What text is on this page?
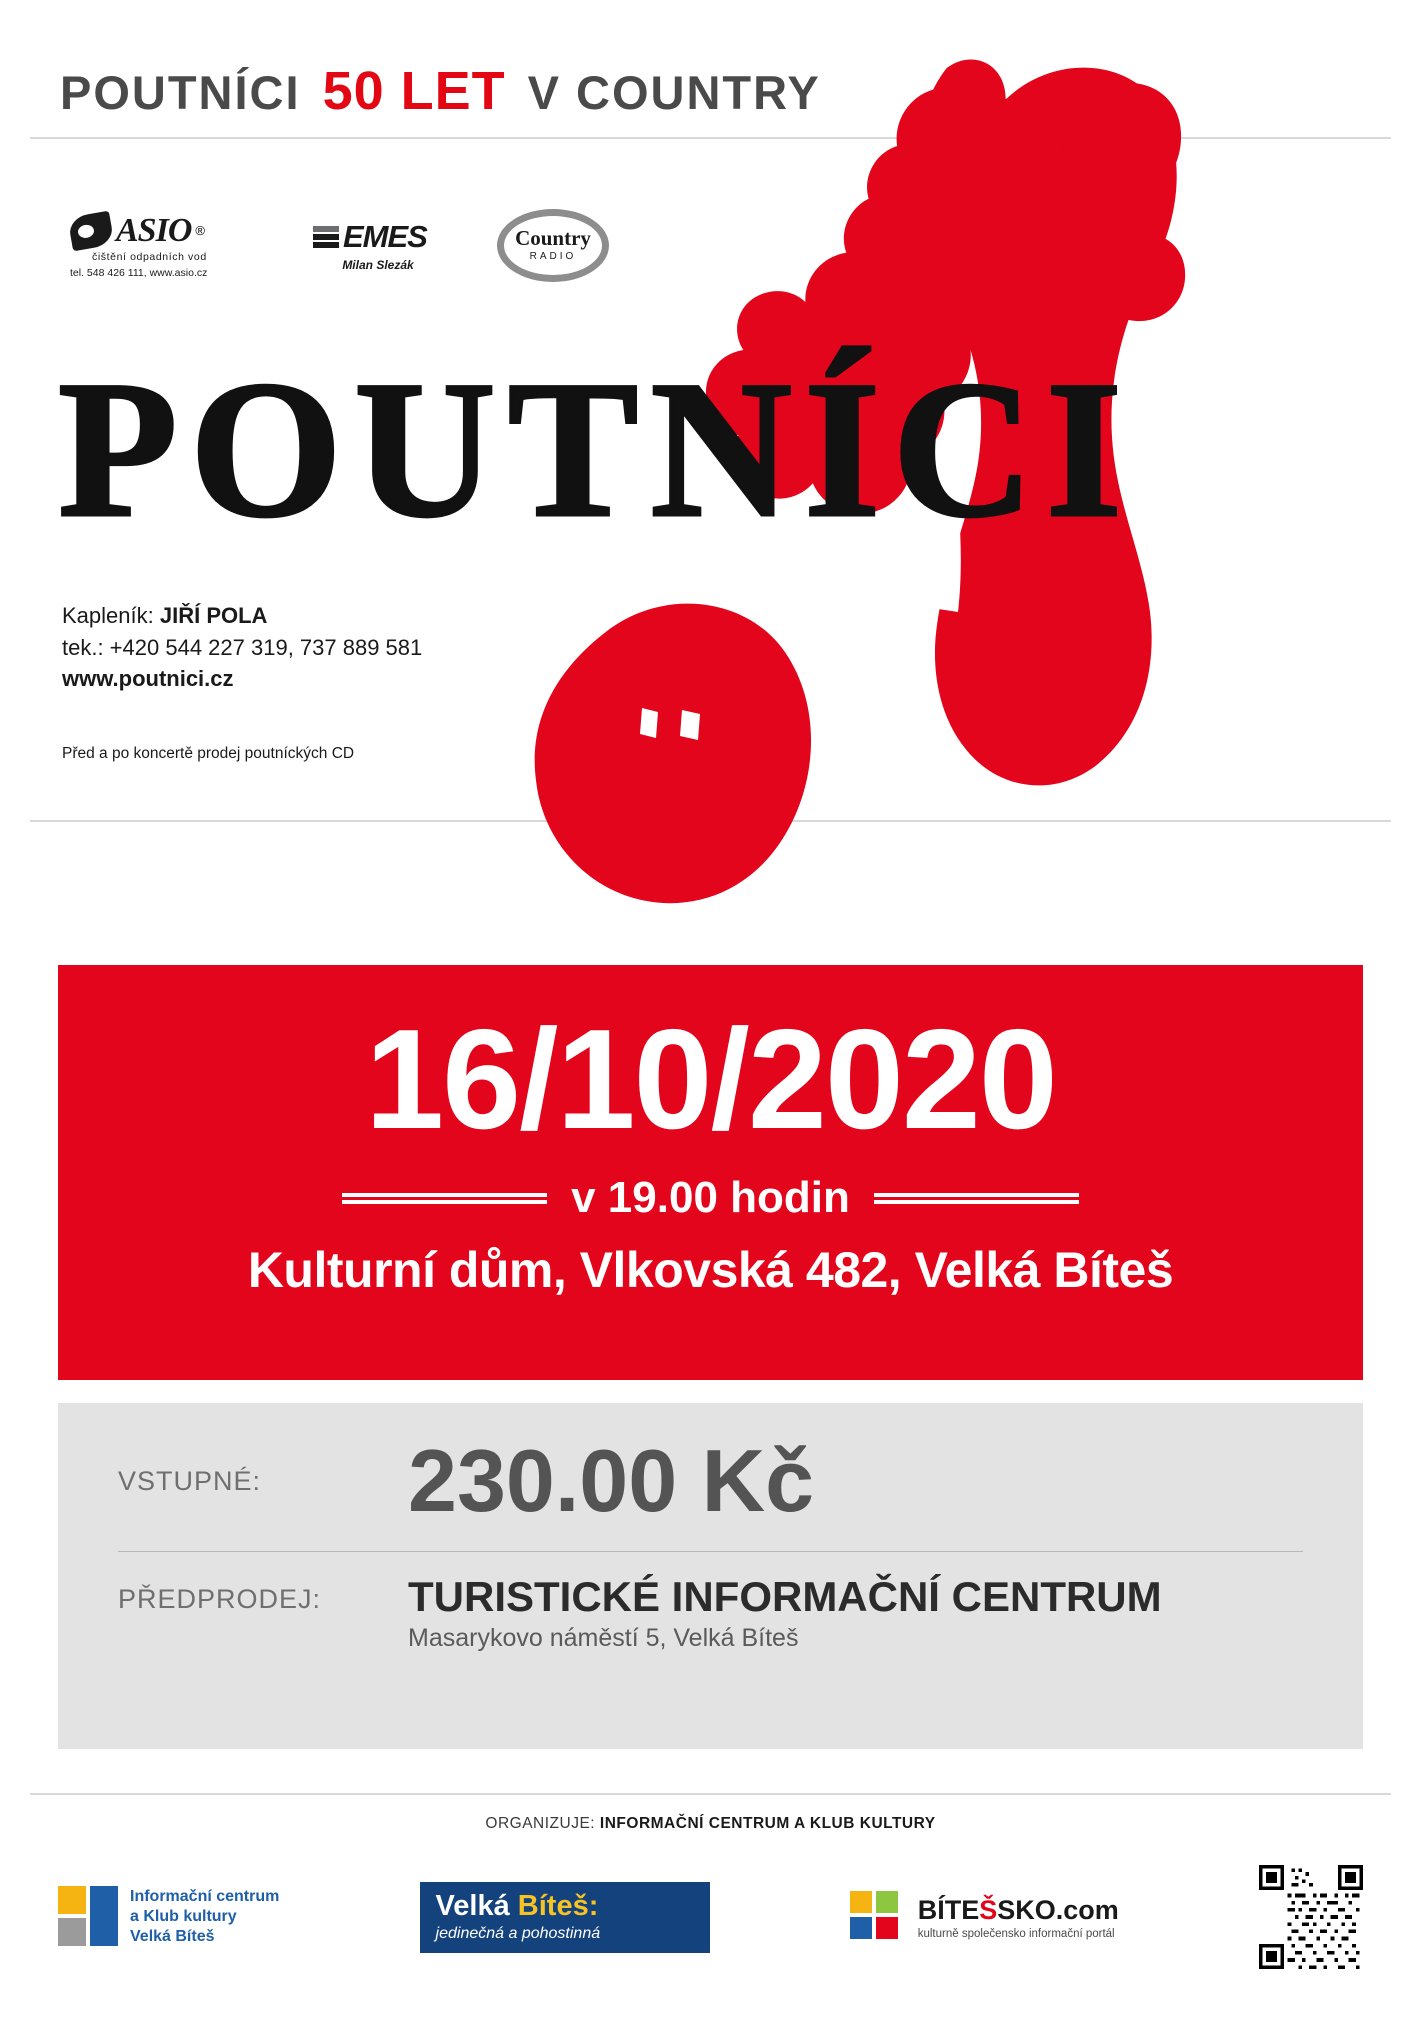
POUTNÍCI 50 LET V COUNTRY
ASIO ®
čištění odpadních vod
tel. 548 426 111, www.asio.cz
EMES
Milan Slezák
Country
RADIO
POUTNÍCI
Kapleník: JIŘÍ POLA
tek.: +420 544 227 319, 737 889 581
www.poutnici.cz
Před a po koncertě prodej poutníckých CD
16/10/2020
v 19.00 hodin
Kulturní dům, Vlkovská 482, Velká Bíteš
VSTUPNÉ:	230.00 Kč
PŘEDPRODEJ:	TURISTICKÉ INFORMAČNÍ CENTRUM
Masarykovo náměstí 5, Velká Bíteš
ORGANIZUJE: INFORMAČNÍ CENTRUM A KLUB KULTURY
Informační centrum
a Klub kultury
Velká Bíteš
Velká Bíteš:
jedinečná a pohostinná
BÍTEŠSKO.com
kulturně společensko informační portál
